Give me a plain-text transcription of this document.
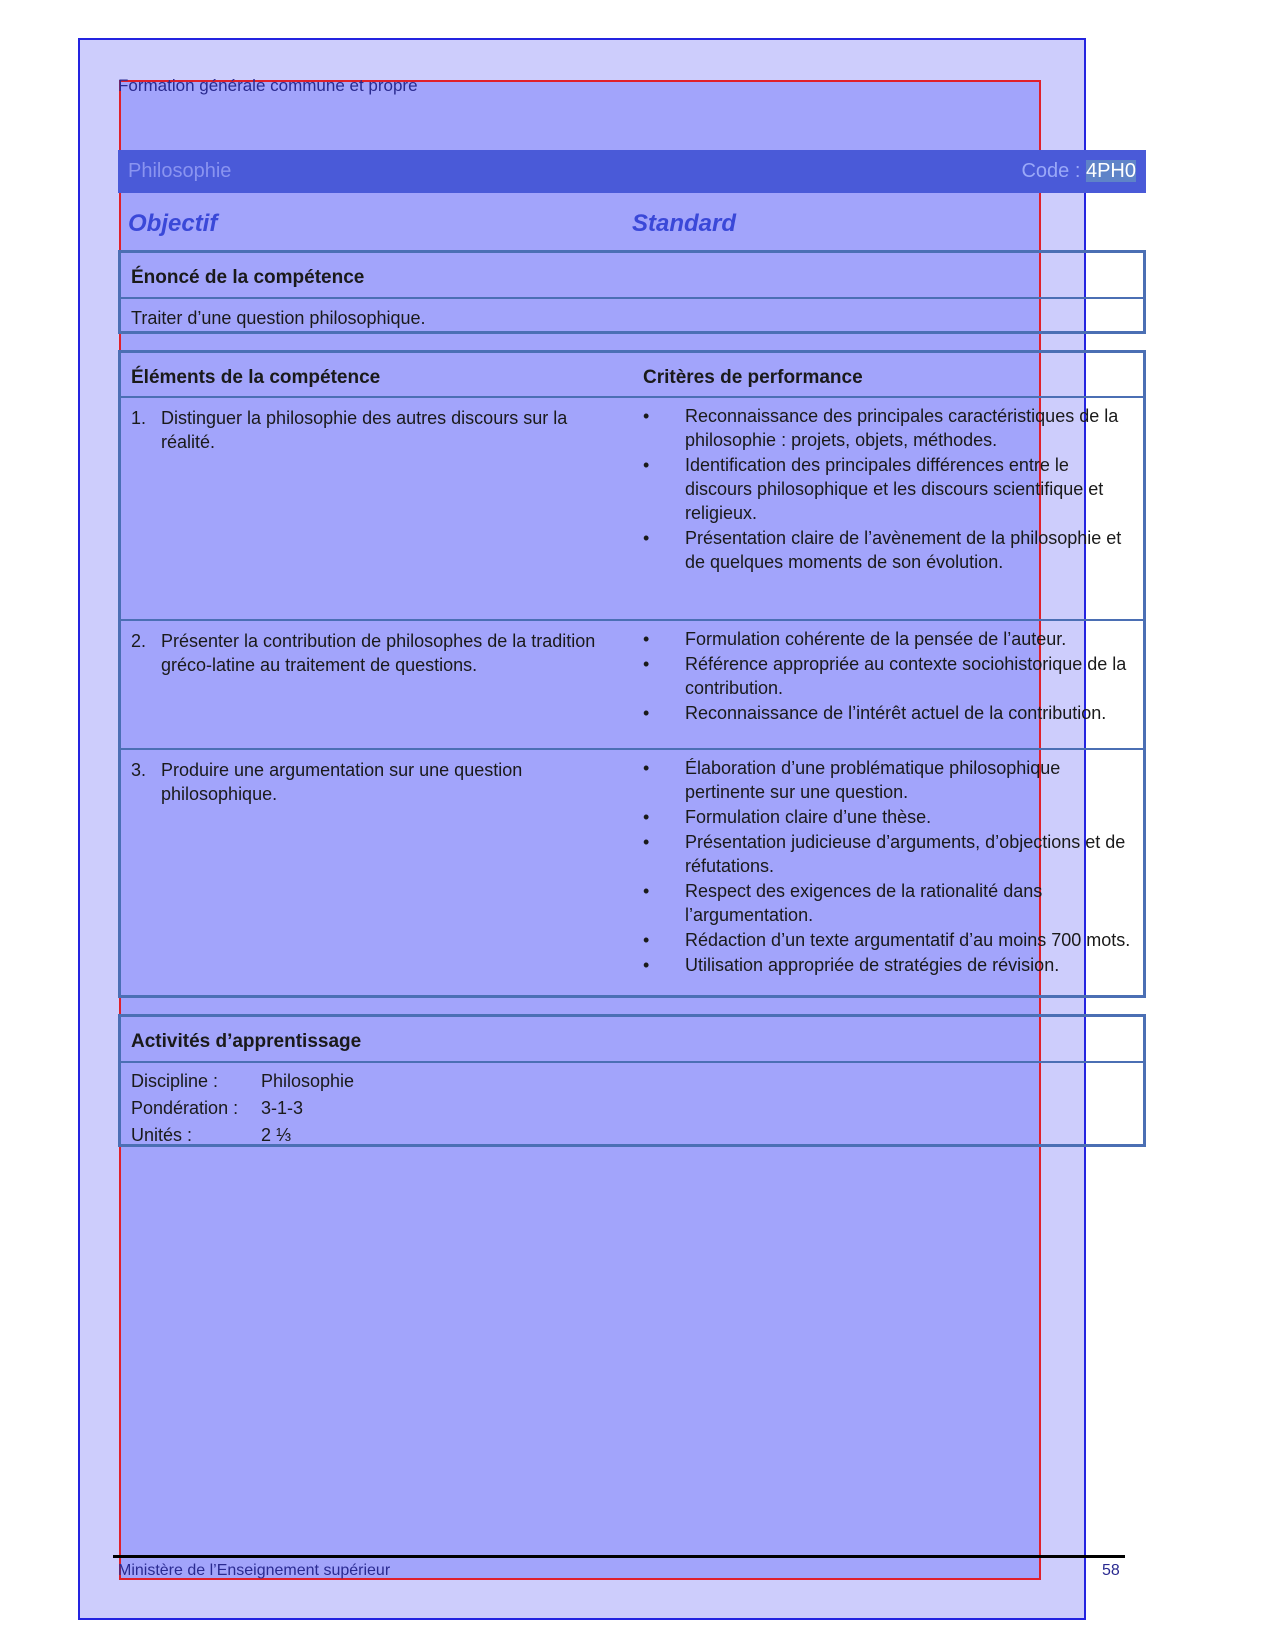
Formation générale commune et propre
Philosophie	Code : 4PH0
Objectif	Standard
Énoncé de la compétence
Traiter d’une question philosophique.
Éléments de la compétence	Critères de performance
1. Distinguer la philosophie des autres discours sur la réalité.
• Reconnaissance des principales caractéristiques de la philosophie : projets, objets, méthodes.
• Identification des principales différences entre le discours philosophique et les discours scientifique et religieux.
• Présentation claire de l’avènement de la philosophie et de quelques moments de son évolution.
2. Présenter la contribution de philosophes de la tradition gréco-latine au traitement de questions.
• Formulation cohérente de la pensée de l’auteur.
• Référence appropriée au contexte sociohistorique de la contribution.
• Reconnaissance de l’intérêt actuel de la contribution.
3. Produire une argumentation sur une question philosophique.
• Élaboration d’une problématique philosophique pertinente sur une question.
• Formulation claire d’une thèse.
• Présentation judicieuse d’arguments, d’objections et de réfutations.
• Respect des exigences de la rationalité dans l’argumentation.
• Rédaction d’un texte argumentatif d’au moins 700 mots.
• Utilisation appropriée de stratégies de révision.
Activités d’apprentissage
Discipline : Philosophie
Pondération : 3-1-3
Unités :	2 ⅓
Ministère de l’Enseignement supérieur	58
